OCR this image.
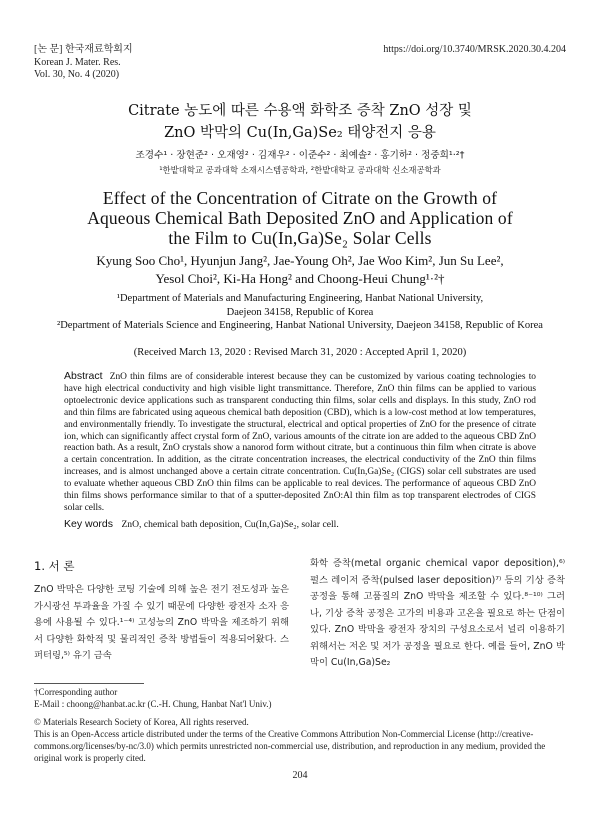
[논 문] 한국재료학회지
Korean J. Mater. Res.
Vol. 30, No. 4 (2020)
https://doi.org/10.3740/MRSK.2020.30.4.204
Citrate 농도에 따른 수용액 화학조 증착 ZnO 성장 및
ZnO 박막의 Cu(In,Ga)Se₂ 태양전지 응용
조경수¹ · 장현준² · 오재영² · 김재우² · 이준수² · 최예솔² · 홍기하² · 정중희¹·²†
¹한밭대학교 공과대학 소재시스템공학과, ²한밭대학교 공과대학 신소재공학과
Effect of the Concentration of Citrate on the Growth of
Aqueous Chemical Bath Deposited ZnO and Application of
the Film to Cu(In,Ga)Se₂ Solar Cells
Kyung Soo Cho¹, Hyunjun Jang², Jae-Young Oh², Jae Woo Kim², Jun Su Lee²,
Yesol Choi², Ki-Ha Hong² and Choong-Heui Chung¹·²†
¹Department of Materials and Manufacturing Engineering, Hanbat National University,
Daejeon 34158, Republic of Korea
²Department of Materials Science and Engineering, Hanbat National University, Daejeon 34158, Republic of Korea
(Received March 13, 2020 : Revised March 31, 2020 : Accepted April 1, 2020)
Abstract ZnO thin films are of considerable interest because they can be customized by various coating technologies to have high electrical conductivity and high visible light transmittance. Therefore, ZnO thin films can be applied to various optoelectronic device applications such as transparent conducting thin films, solar cells and displays. In this study, ZnO rod and thin films are fabricated using aqueous chemical bath deposition (CBD), which is a low-cost method at low temperatures, and environmentally friendly. To investigate the structural, electrical and optical properties of ZnO for the presence of citrate ion, which can significantly affect crystal form of ZnO, various amounts of the citrate ion are added to the aqueous CBD ZnO reaction bath. As a result, ZnO crystals show a nanorod form without citrate, but a continuous thin film when citrate is above a certain concentration. In addition, as the citrate concentration increases, the electrical conductivity of the ZnO thin films increases, and is almost unchanged above a certain citrate concentration. Cu(In,Ga)Se₂ (CIGS) solar cell substrates are used to evaluate whether aqueous CBD ZnO thin films can be applicable to real devices. The performance of aqueous CBD ZnO thin films shows performance similar to that of a sputter-deposited ZnO:Al thin film as top transparent electrodes of CIGS solar cells.
Key words ZnO, chemical bath deposition, Cu(In,Ga)Se₂, solar cell.
1. 서 론
ZnO 박막은 다양한 코팅 기술에 의해 높은 전기 전도성과 높은 가시광선 투과율을 가질 수 있기 때문에 다양한 광전자 소자 응용에 사용될 수 있다.¹⁻⁴⁾ 고성능의 ZnO 박막을 제조하기 위해서 다양한 화학적 및 물리적인 증착 방법들이 적용되어왔다. 스퍼터링,⁵⁾ 유기 금속
화학 증착(metal organic chemical vapor deposition),⁶⁾ 펄스 레이저 증착(pulsed laser deposition)⁷⁾ 등의 기상 증착 공정을 통해 고품질의 ZnO 박막을 제조할 수 있다.⁸⁻¹⁰⁾ 그러나, 기상 증착 공정은 고가의 비용과 고온을 필요로 하는 단점이 있다. ZnO 박막을 광전자 장치의 구성요소로서 널리 이용하기 위해서는 저온 및 저가 공정을 필요로 한다. 예를 들어, ZnO 박막이 Cu(In,Ga)Se₂
†Corresponding author
E-Mail : choong@hanbat.ac.kr (C.-H. Chung, Hanbat Nat'l Univ.)
© Materials Research Society of Korea, All rights reserved.
This is an Open-Access article distributed under the terms of the Creative Commons Attribution Non-Commercial License (http://creative-commons.org/licenses/by-nc/3.0) which permits unrestricted non-commercial use, distribution, and reproduction in any medium, provided the original work is properly cited.
204
